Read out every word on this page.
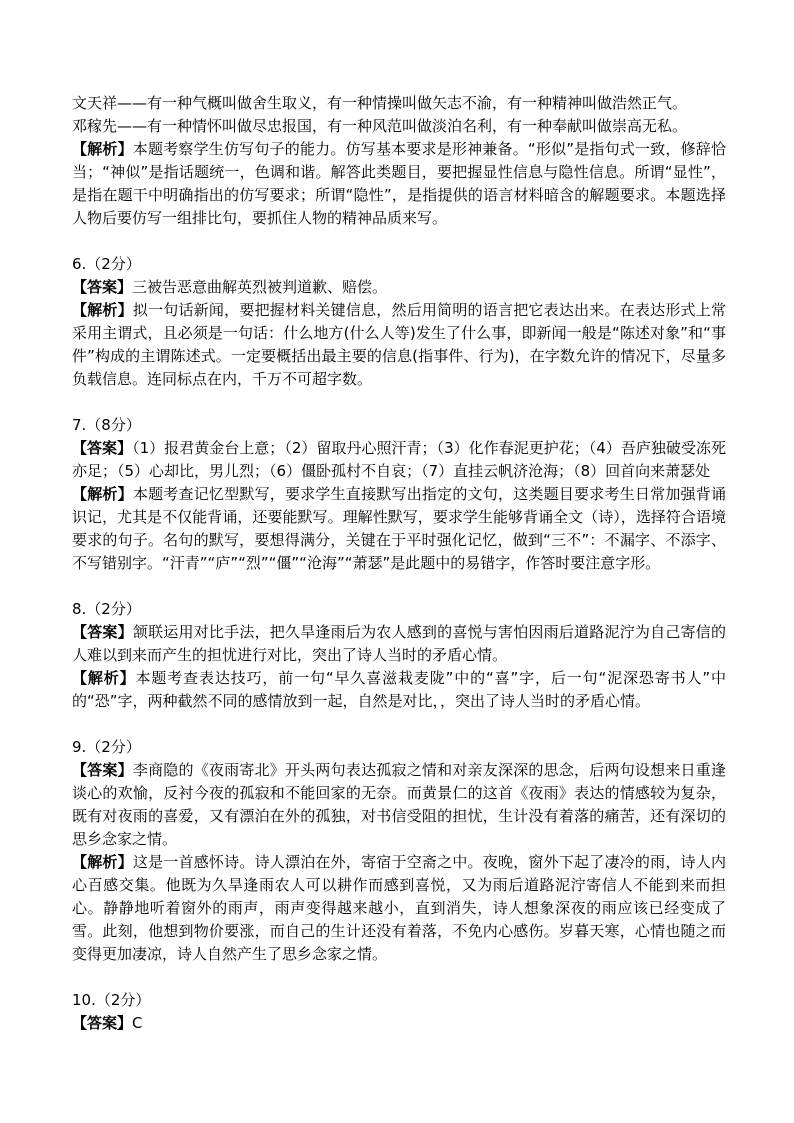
文天祥——有一种气概叫做舍生取义，有一种情操叫做矢志不渝，有一种精神叫做浩然正气。

邓稼先——有一种情怀叫做尽忠报国，有一种风范叫做淡泊名利，有一种奉献叫做崇高无私。

【解析】本题考察学生仿写句子的能力。仿写基本要求是形神兼备。“形似”是指句式一致，修辞恰当；“神似”是指话题统一，色调和谐。解答此类题目，要把握显性信息与隐性信息。所谓“显性”，是指在题干中明确指出的仿写要求；所谓“隐性”，是指提供的语言材料暗含的解题要求。本题选择人物后要仿写一组排比句，要抓住人物的精神品质来写。

6.（2分）

【答案】三被告恶意曲解英烈被判道歉、赔偿。

【解析】拟一句话新闻，要把握材料关键信息，然后用简明的语言把它表达出来。在表达形式上常采用主谓式，且必须是一句话：什么地方(什么人等)发生了什么事，即新闻一般是“陈述对象”和“事件”构成的主谓陈述式。一定要概括出最主要的信息(指事件、行为)，在字数允许的情况下，尽量多负载信息。连同标点在内，千万不可超字数。

7.（8分）

【答案】（1）报君黄金台上意；（2）留取丹心照汗青；（3）化作春泥更护花；（4）吾庐独破受冻死亦足；（5）心却比，男儿烈；（6）僵卧孤村不自哀；（7）直挂云帆济沧海；（8）回首向来萧瑟处

【解析】本题考查记忆型默写，要求学生直接默写出指定的文句，这类题目要求考生日常加强背诵识记，尤其是不仅能背诵，还要能默写。理解性默写，要求学生能够背诵全文（诗），选择符合语境要求的句子。名句的默写，要想得满分，关键在于平时强化记忆，做到“三不”：不漏字、不添字、不写错别字。“汗青”“庐”“烈”“僵”“沧海”“萧瑟”是此题中的易错字，作答时要注意字形。

8.（2分）

【答案】颔联运用对比手法，把久旱逢雨后为农人感到的喜悦与害怕因雨后道路泥泞为自己寄信的人难以到来而产生的担忧进行对比，突出了诗人当时的矛盾心情。

【解析】本题考查表达技巧，前一句“早久喜滋栽麦陇”中的“喜”字，后一句“泥深恐寄书人”中的“恐”字，两种截然不同的感情放到一起，自然是对比，，突出了诗人当时的矛盾心情。

9.（2分）

【答案】李商隐的《夜雨寄北》开头两句表达孤寂之情和对亲友深深的思念，后两句设想来日重逢谈心的欢愉，反衬今夜的孤寂和不能回家的无奈。而黄景仁的这首《夜雨》表达的情感较为复杂，既有对夜雨的喜爱，又有漂泊在外的孤独，对书信受阻的担忧，生计没有着落的痛苦，还有深切的思乡念家之情。

【解析】这是一首感怀诗。诗人漂泊在外，寄宿于空斋之中。夜晚，窗外下起了凄冷的雨，诗人内心百感交集。他既为久旱逢雨农人可以耕作而感到喜悦，又为雨后道路泥泞寄信人不能到来而担心。静静地听着窗外的雨声，雨声变得越来越小，直到消失，诗人想象深夜的雨应该已经变成了雪。此刻，他想到物价要涨，而自己的生计还没有着落，不免内心感伤。岁暮天寒，心情也随之而变得更加凄凉，诗人自然产生了思乡念家之情。

10.（2分）

【答案】C
